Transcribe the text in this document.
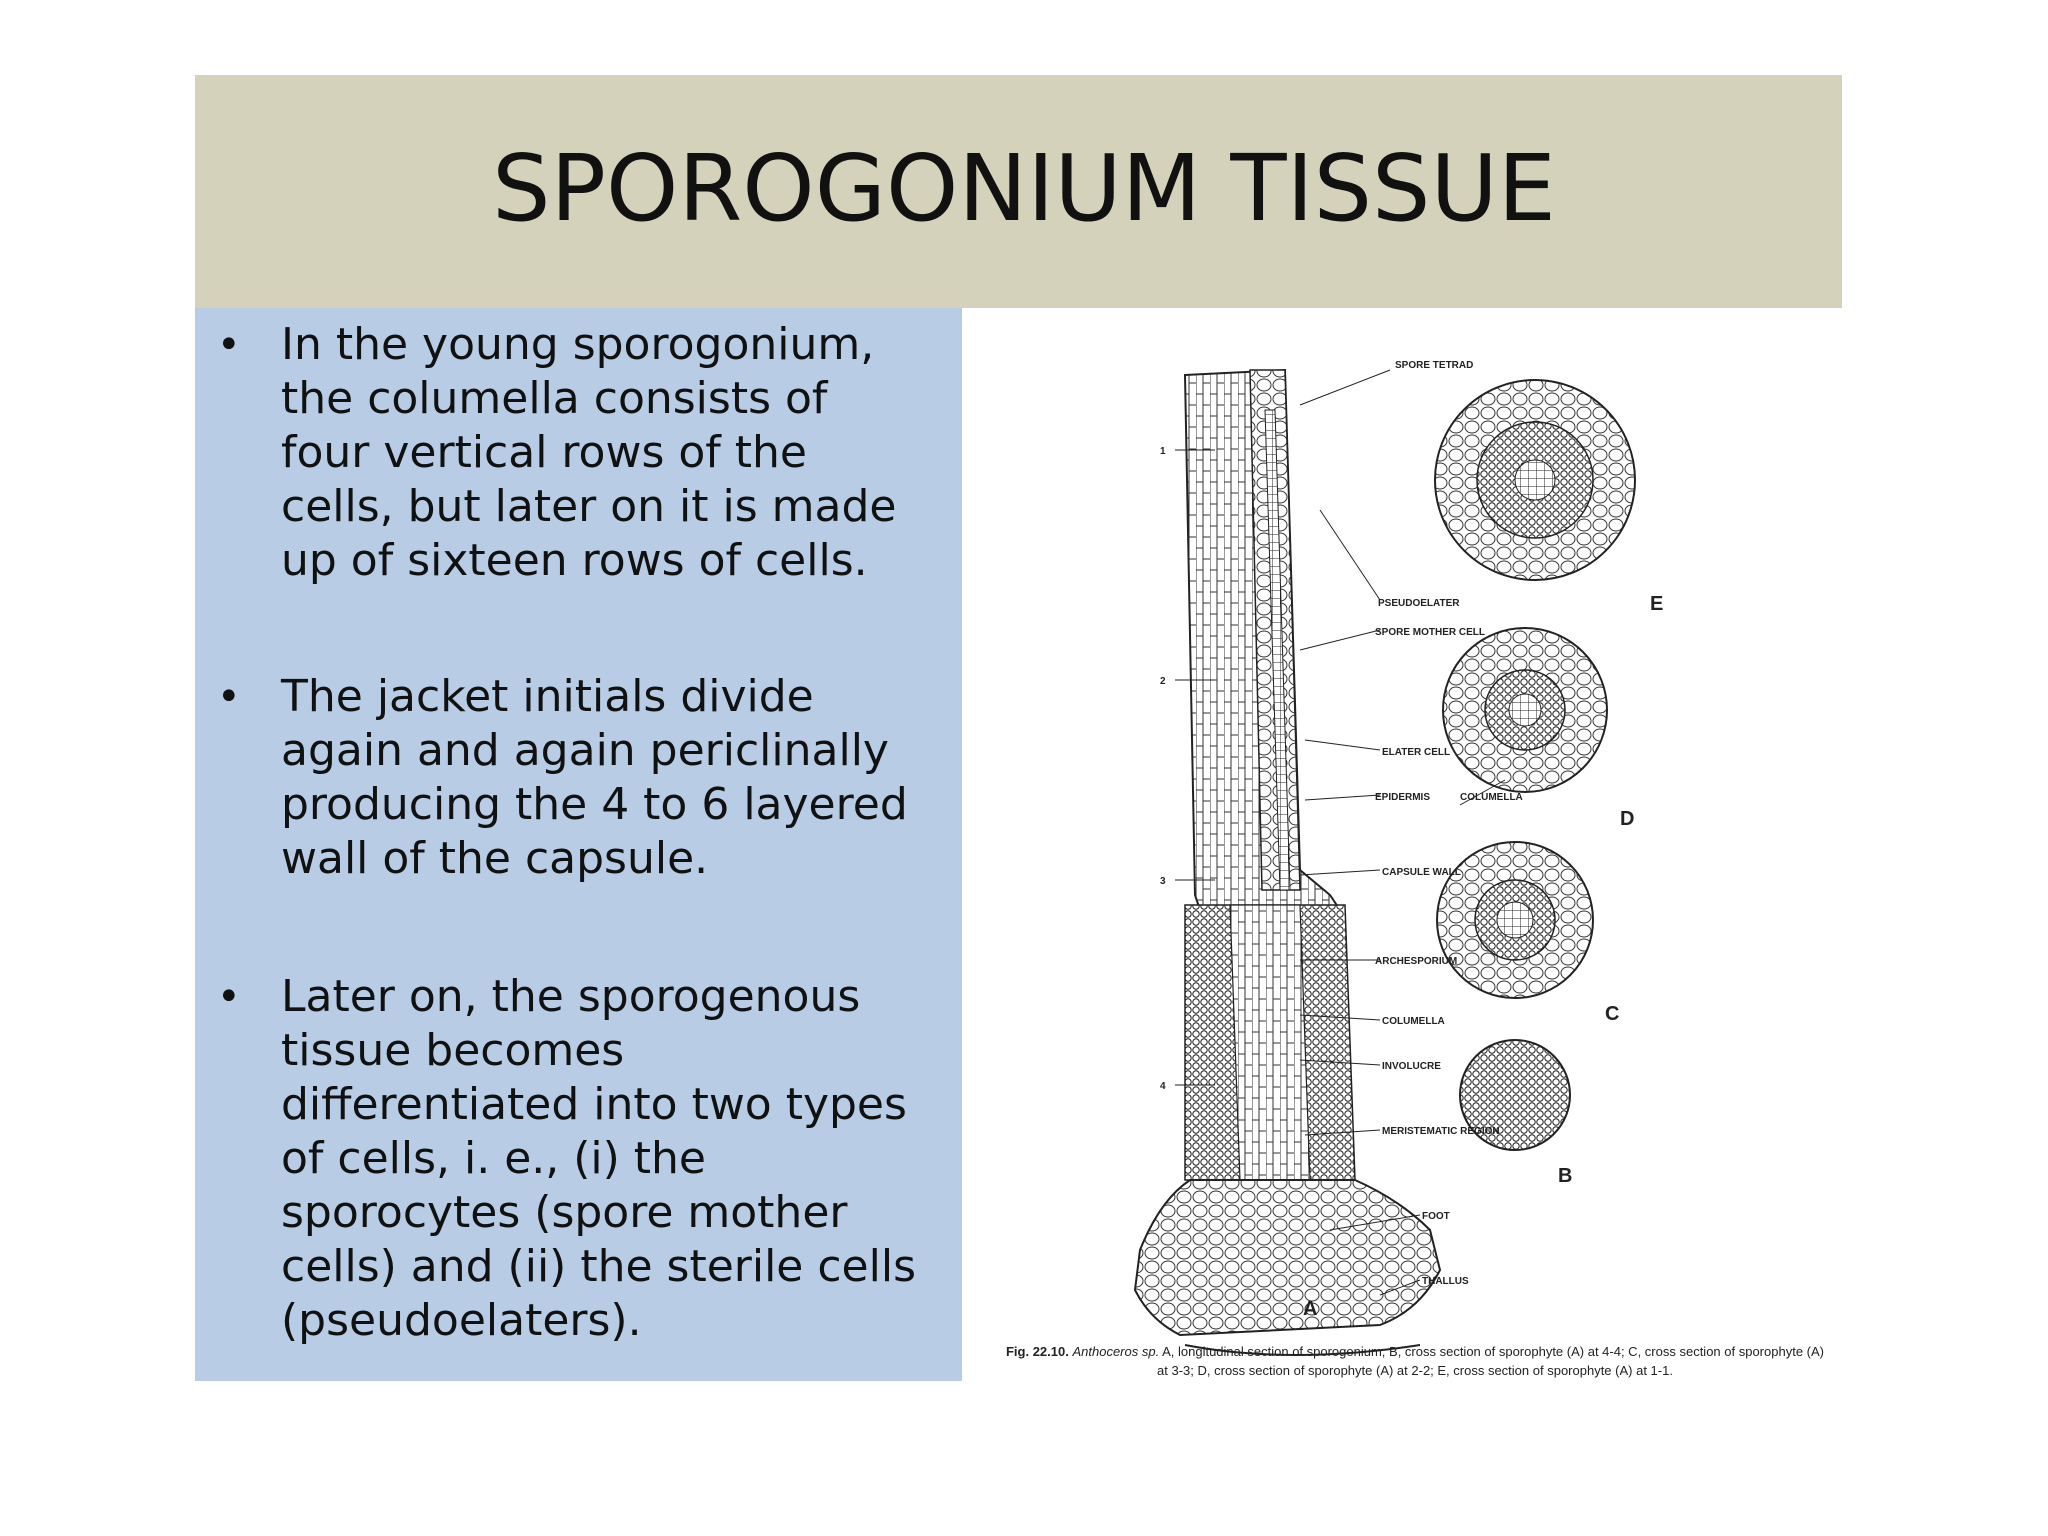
SPOROGONIUM TISSUE
• In the young sporogonium,
the columella consists of
four vertical rows of the
cells, but later on it is made
up of sixteen rows of cells.
• The jacket initials divide
again and again periclinally
producing the 4 to 6 layered
wall of the capsule.
• Later on, the sporogenous
tissue becomes
differentiated into two types
of cells, i. e., (i) the
sporocytes (spore mother
cells) and (ii) the sterile cells
(pseudoelaters).
1
2
3
4
E
D
C
B
A
SPORE TETRAD
PSEUDOELATER
SPORE MOTHER CELL
ELATER CELL
EPIDERMIS	COLUMELLA
CAPSULE WALL
ARCHESPORIUM
COLUMELLA
INVOLUCRE
MERISTEMATIC REGION
FOOT
THALLUS
Fig. 22.10. Anthoceros sp. A, longitudinal section of sporogonium; B, cross section of sporophyte (A) at 4-4; C, cross section of sporophyte (A) at 3-3; D, cross section of sporophyte (A) at 2-2; E, cross section of sporophyte (A) at 1-1.
